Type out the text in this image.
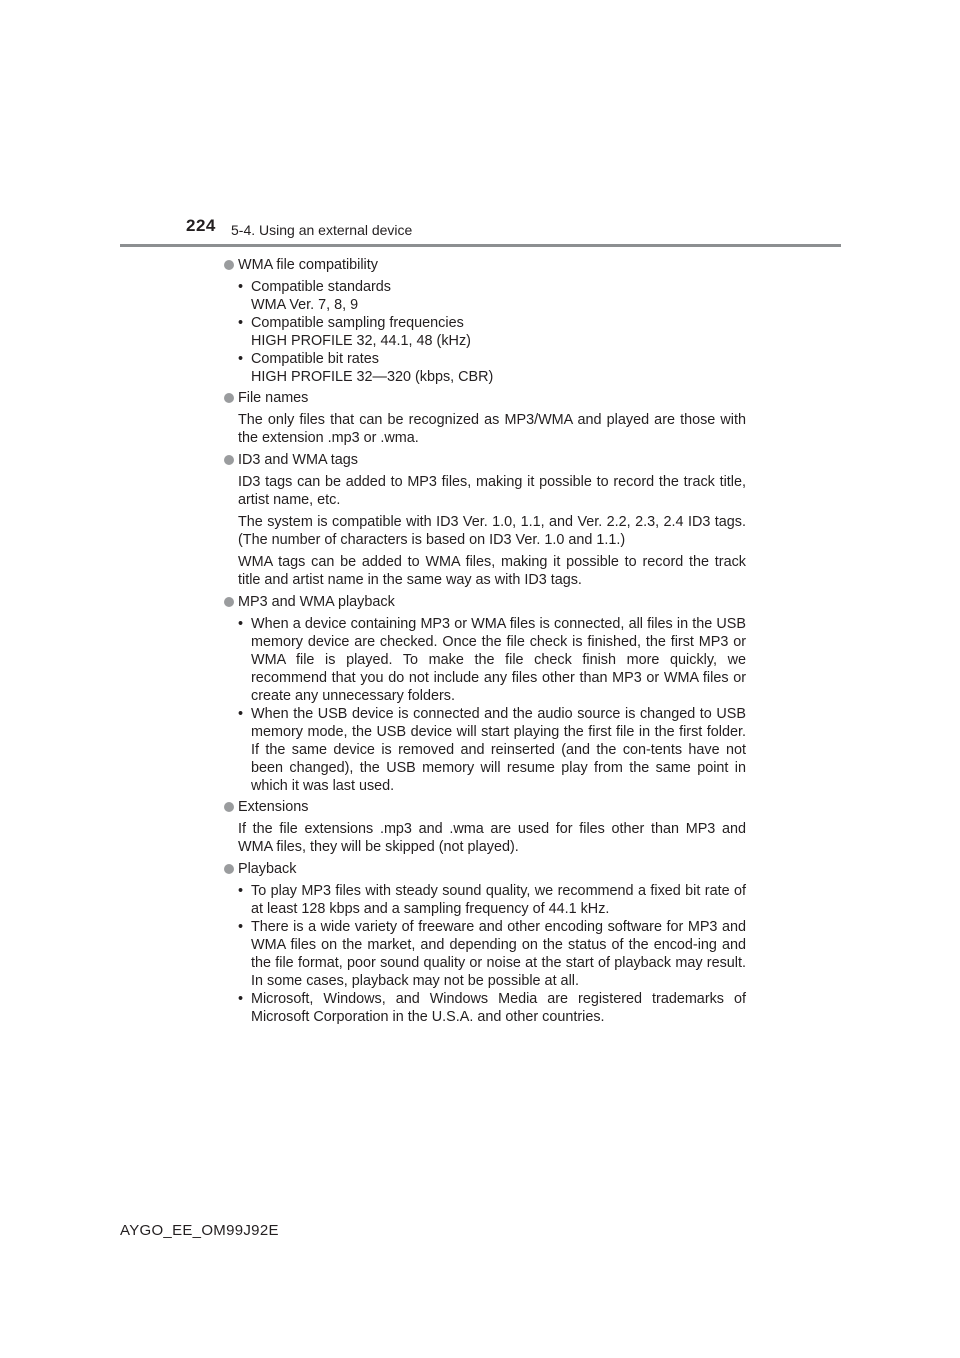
224 5-4. Using an external device
WMA file compatibility
• Compatible standards
WMA Ver. 7, 8, 9
• Compatible sampling frequencies
HIGH PROFILE 32, 44.1, 48 (kHz)
• Compatible bit rates
HIGH PROFILE 32—320 (kbps, CBR)
File names

The only files that can be recognized as MP3/WMA and played are those with the extension .mp3 or .wma.

ID3 and WMA tags

ID3 tags can be added to MP3 files, making it possible to record the track title, artist name, etc.

The system is compatible with ID3 Ver. 1.0, 1.1, and Ver. 2.2, 2.3, 2.4 ID3 tags. (The number of characters is based on ID3 Ver. 1.0 and 1.1.)

WMA tags can be added to WMA files, making it possible to record the track title and artist name in the same way as with ID3 tags.

MP3 and WMA playback
• When a device containing MP3 or WMA files is connected, all files in the USB memory device are checked. Once the file check is finished, the first MP3 or WMA file is played. To make the file check finish more quickly, we recommend that you do not include any files other than MP3 or WMA files or create any unnecessary folders.
• When the USB device is connected and the audio source is changed to USB memory mode, the USB device will start playing the first file in the first folder. If the same device is removed and reinserted (and the con-tents have not been changed), the USB memory will resume play from the same point in which it was last used.
Extensions

If the file extensions .mp3 and .wma are used for files other than MP3 and WMA files, they will be skipped (not played).

Playback
• To play MP3 files with steady sound quality, we recommend a fixed bit rate of at least 128 kbps and a sampling frequency of 44.1 kHz.
• There is a wide variety of freeware and other encoding software for MP3 and WMA files on the market, and depending on the status of the encod-ing and the file format, poor sound quality or noise at the start of playback may result. In some cases, playback may not be possible at all.
• Microsoft, Windows, and Windows Media are registered trademarks of Microsoft Corporation in the U.S.A. and other countries.
AYGO_EE_OM99J92E
